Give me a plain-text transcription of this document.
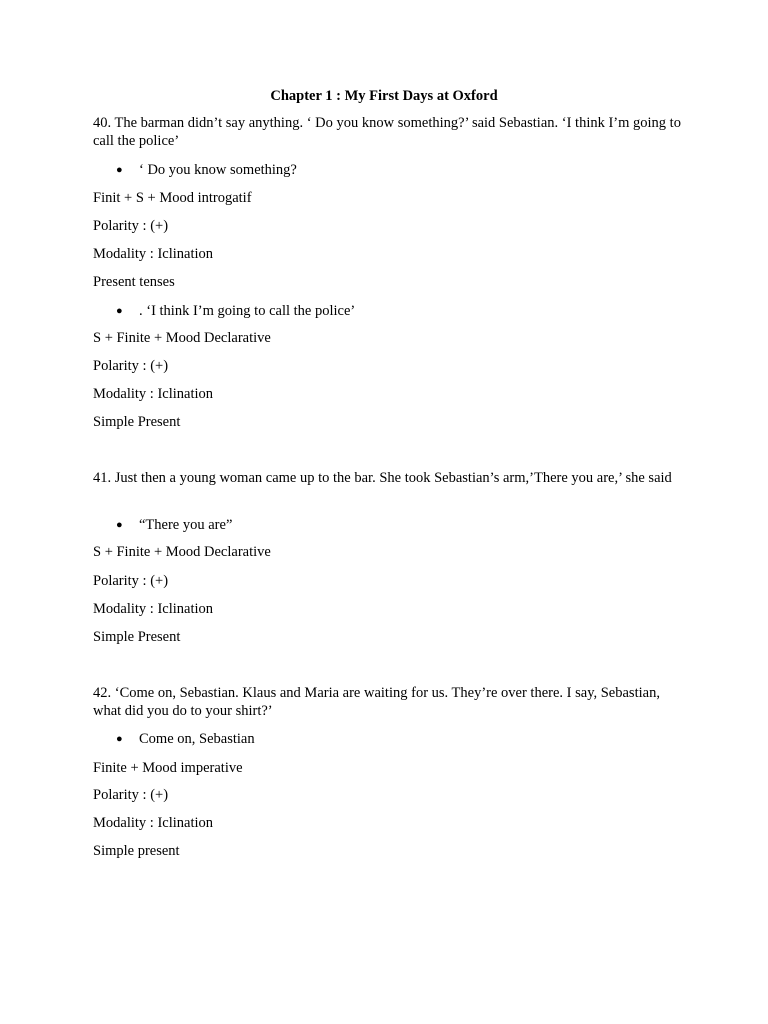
Chapter 1 : My First Days at Oxford
40. The barman didn’t say anything. ‘ Do you know something?’ said Sebastian. ‘I think I’m going to call the police’
● ‘ Do you know something?
Finit + S + Mood introgatif
Polarity : (+)
Modality : Iclination
Present tenses
● . ‘I think I’m going to call the police’
S + Finite + Mood Declarative
Polarity : (+)
Modality : Iclination
Simple Present
41. Just then a young woman came up to the bar. She took Sebastian’s arm,’There you are,’ she said
● “There you are”
S + Finite + Mood Declarative
Polarity : (+)
Modality : Iclination
Simple Present
42. ‘Come on, Sebastian. Klaus and Maria are waiting for us. They’re over there. I say, Sebastian, what did you do to your shirt?’
● Come on, Sebastian
Finite + Mood imperative
Polarity : (+)
Modality : Iclination
Simple present
